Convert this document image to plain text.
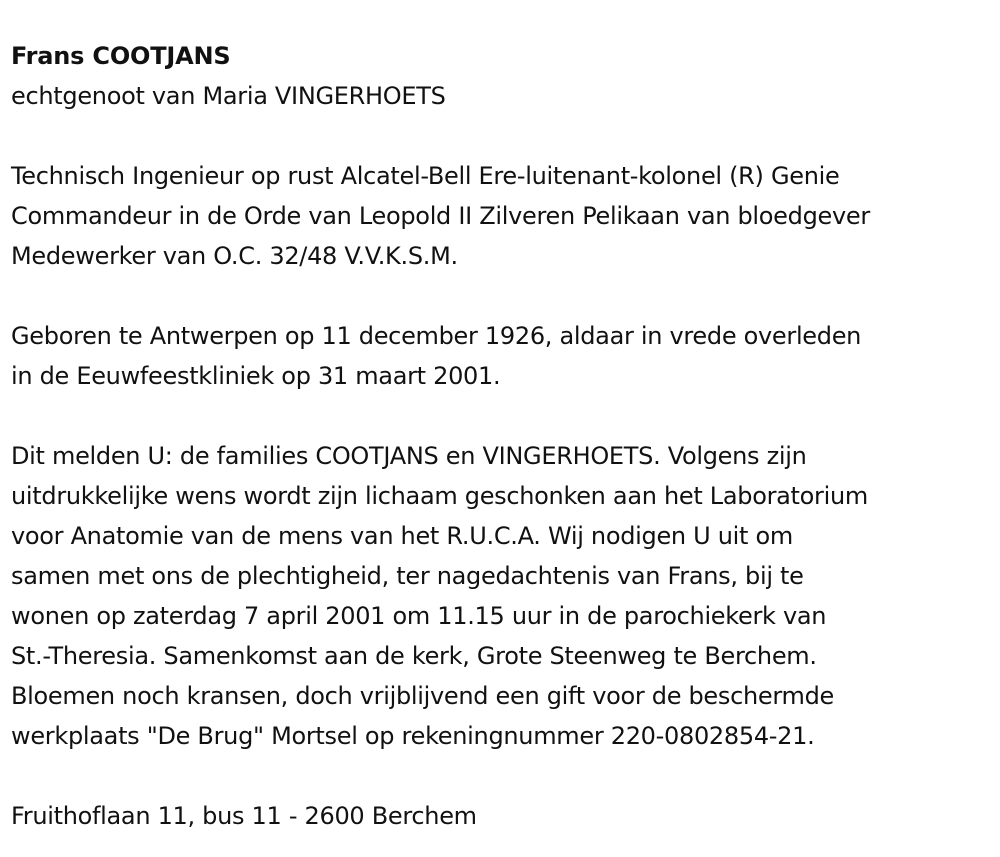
Frans COOTJANS
echtgenoot van Maria VINGERHOETS
Technisch Ingenieur op rust Alcatel-Bell Ere-luitenant-kolonel (R) Genie
Commandeur in de Orde van Leopold II Zilveren Pelikaan van bloedgever
Medewerker van O.C. 32/48 V.V.K.S.M.
Geboren te Antwerpen op 11 december 1926, aldaar in vrede overleden
in de Eeuwfeestkliniek op 31 maart 2001.
Dit melden U: de families COOTJANS en VINGERHOETS. Volgens zijn
uitdrukkelijke wens wordt zijn lichaam geschonken aan het Laboratorium
voor Anatomie van de mens van het R.U.C.A. Wij nodigen U uit om
samen met ons de plechtigheid, ter nagedachtenis van Frans, bij te
wonen op zaterdag 7 april 2001 om 11.15 uur in de parochiekerk van
St.-Theresia. Samenkomst aan de kerk, Grote Steenweg te Berchem.
Bloemen noch kransen, doch vrijblijvend een gift voor de beschermde
werkplaats "De Brug" Mortsel op rekeningnummer 220-0802854-21.
Fruithoflaan 11, bus 11 - 2600 Berchem
